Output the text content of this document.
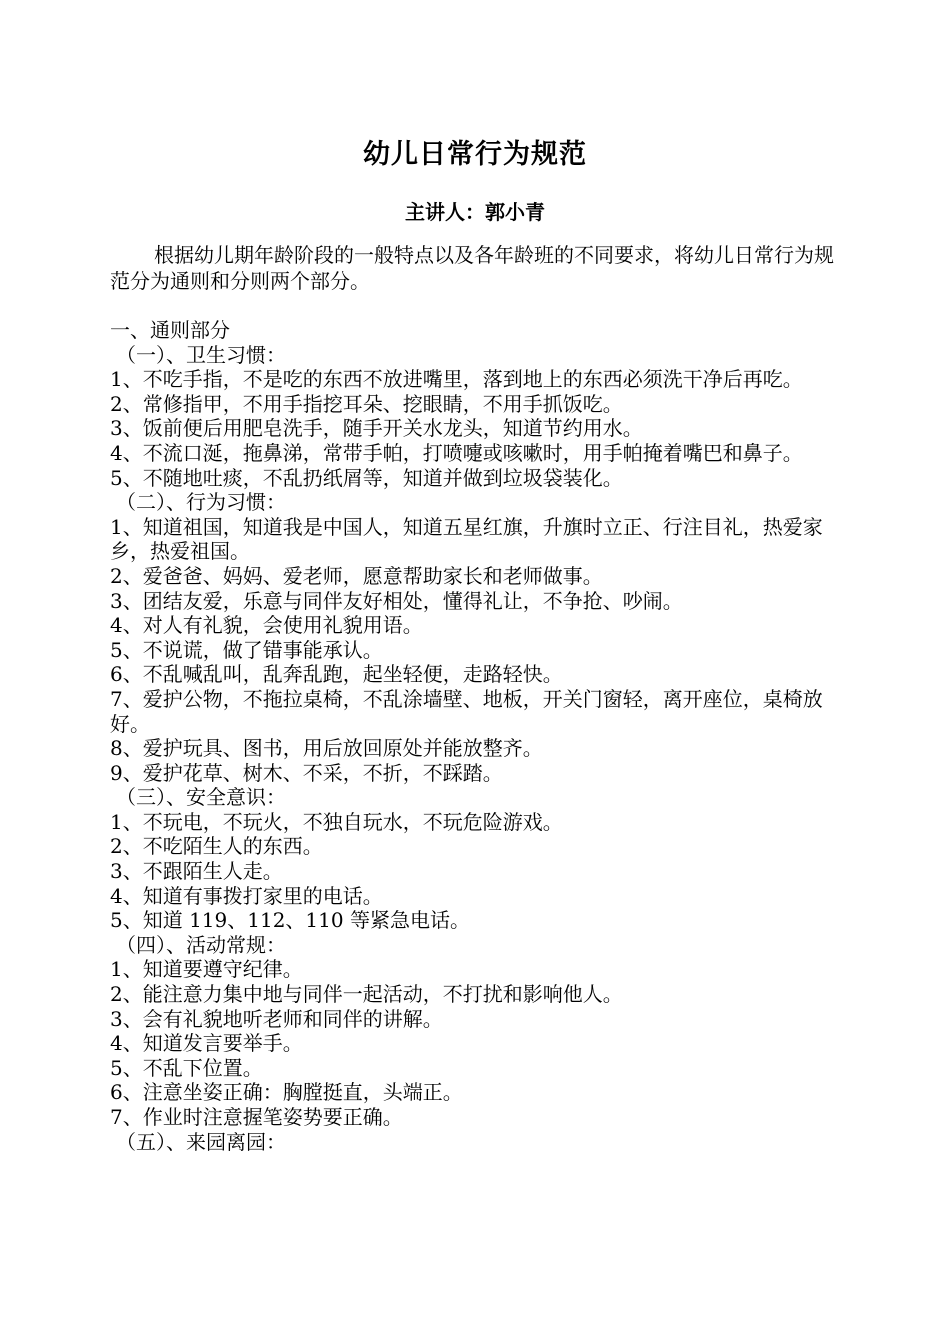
幼儿日常行为规范
主讲人：郭小青
根据幼儿期年龄阶段的一般特点以及各年龄班的不同要求，将幼儿日常行为规范分为通则和分则两个部分。
一、通则部分
（一）、卫生习惯：
1、不吃手指，不是吃的东西不放进嘴里，落到地上的东西必须洗干净后再吃。
2、常修指甲，不用手指挖耳朵、挖眼睛，不用手抓饭吃。
3、饭前便后用肥皂洗手，随手开关水龙头，知道节约用水。
4、不流口涎，拖鼻涕，常带手帕，打喷嚏或咳嗽时，用手帕掩着嘴巴和鼻子。
5、不随地吐痰，不乱扔纸屑等，知道并做到垃圾袋装化。
（二）、行为习惯：
1、知道祖国，知道我是中国人，知道五星红旗，升旗时立正、行注目礼，热爱家乡，热爱祖国。
2、爱爸爸、妈妈、爱老师，愿意帮助家长和老师做事。
3、团结友爱，乐意与同伴友好相处，懂得礼让，不争抢、吵闹。
4、对人有礼貌，会使用礼貌用语。
5、不说谎，做了错事能承认。
6、不乱喊乱叫，乱奔乱跑，起坐轻便，走路轻快。
7、爱护公物，不拖拉桌椅，不乱涂墙壁、地板，开关门窗轻，离开座位，桌椅放好。
8、爱护玩具、图书，用后放回原处并能放整齐。
9、爱护花草、树木、不采，不折，不踩踏。
（三）、安全意识：
1、不玩电，不玩火，不独自玩水，不玩危险游戏。
2、不吃陌生人的东西。
3、不跟陌生人走。
4、知道有事拨打家里的电话。
5、知道 119、112、110 等紧急电话。
（四）、活动常规：
1、知道要遵守纪律。
2、能注意力集中地与同伴一起活动，不打扰和影响他人。
3、会有礼貌地听老师和同伴的讲解。
4、知道发言要举手。
5、不乱下位置。
6、注意坐姿正确：胸膛挺直，头端正。
7、作业时注意握笔姿势要正确。
（五）、来园离园：
